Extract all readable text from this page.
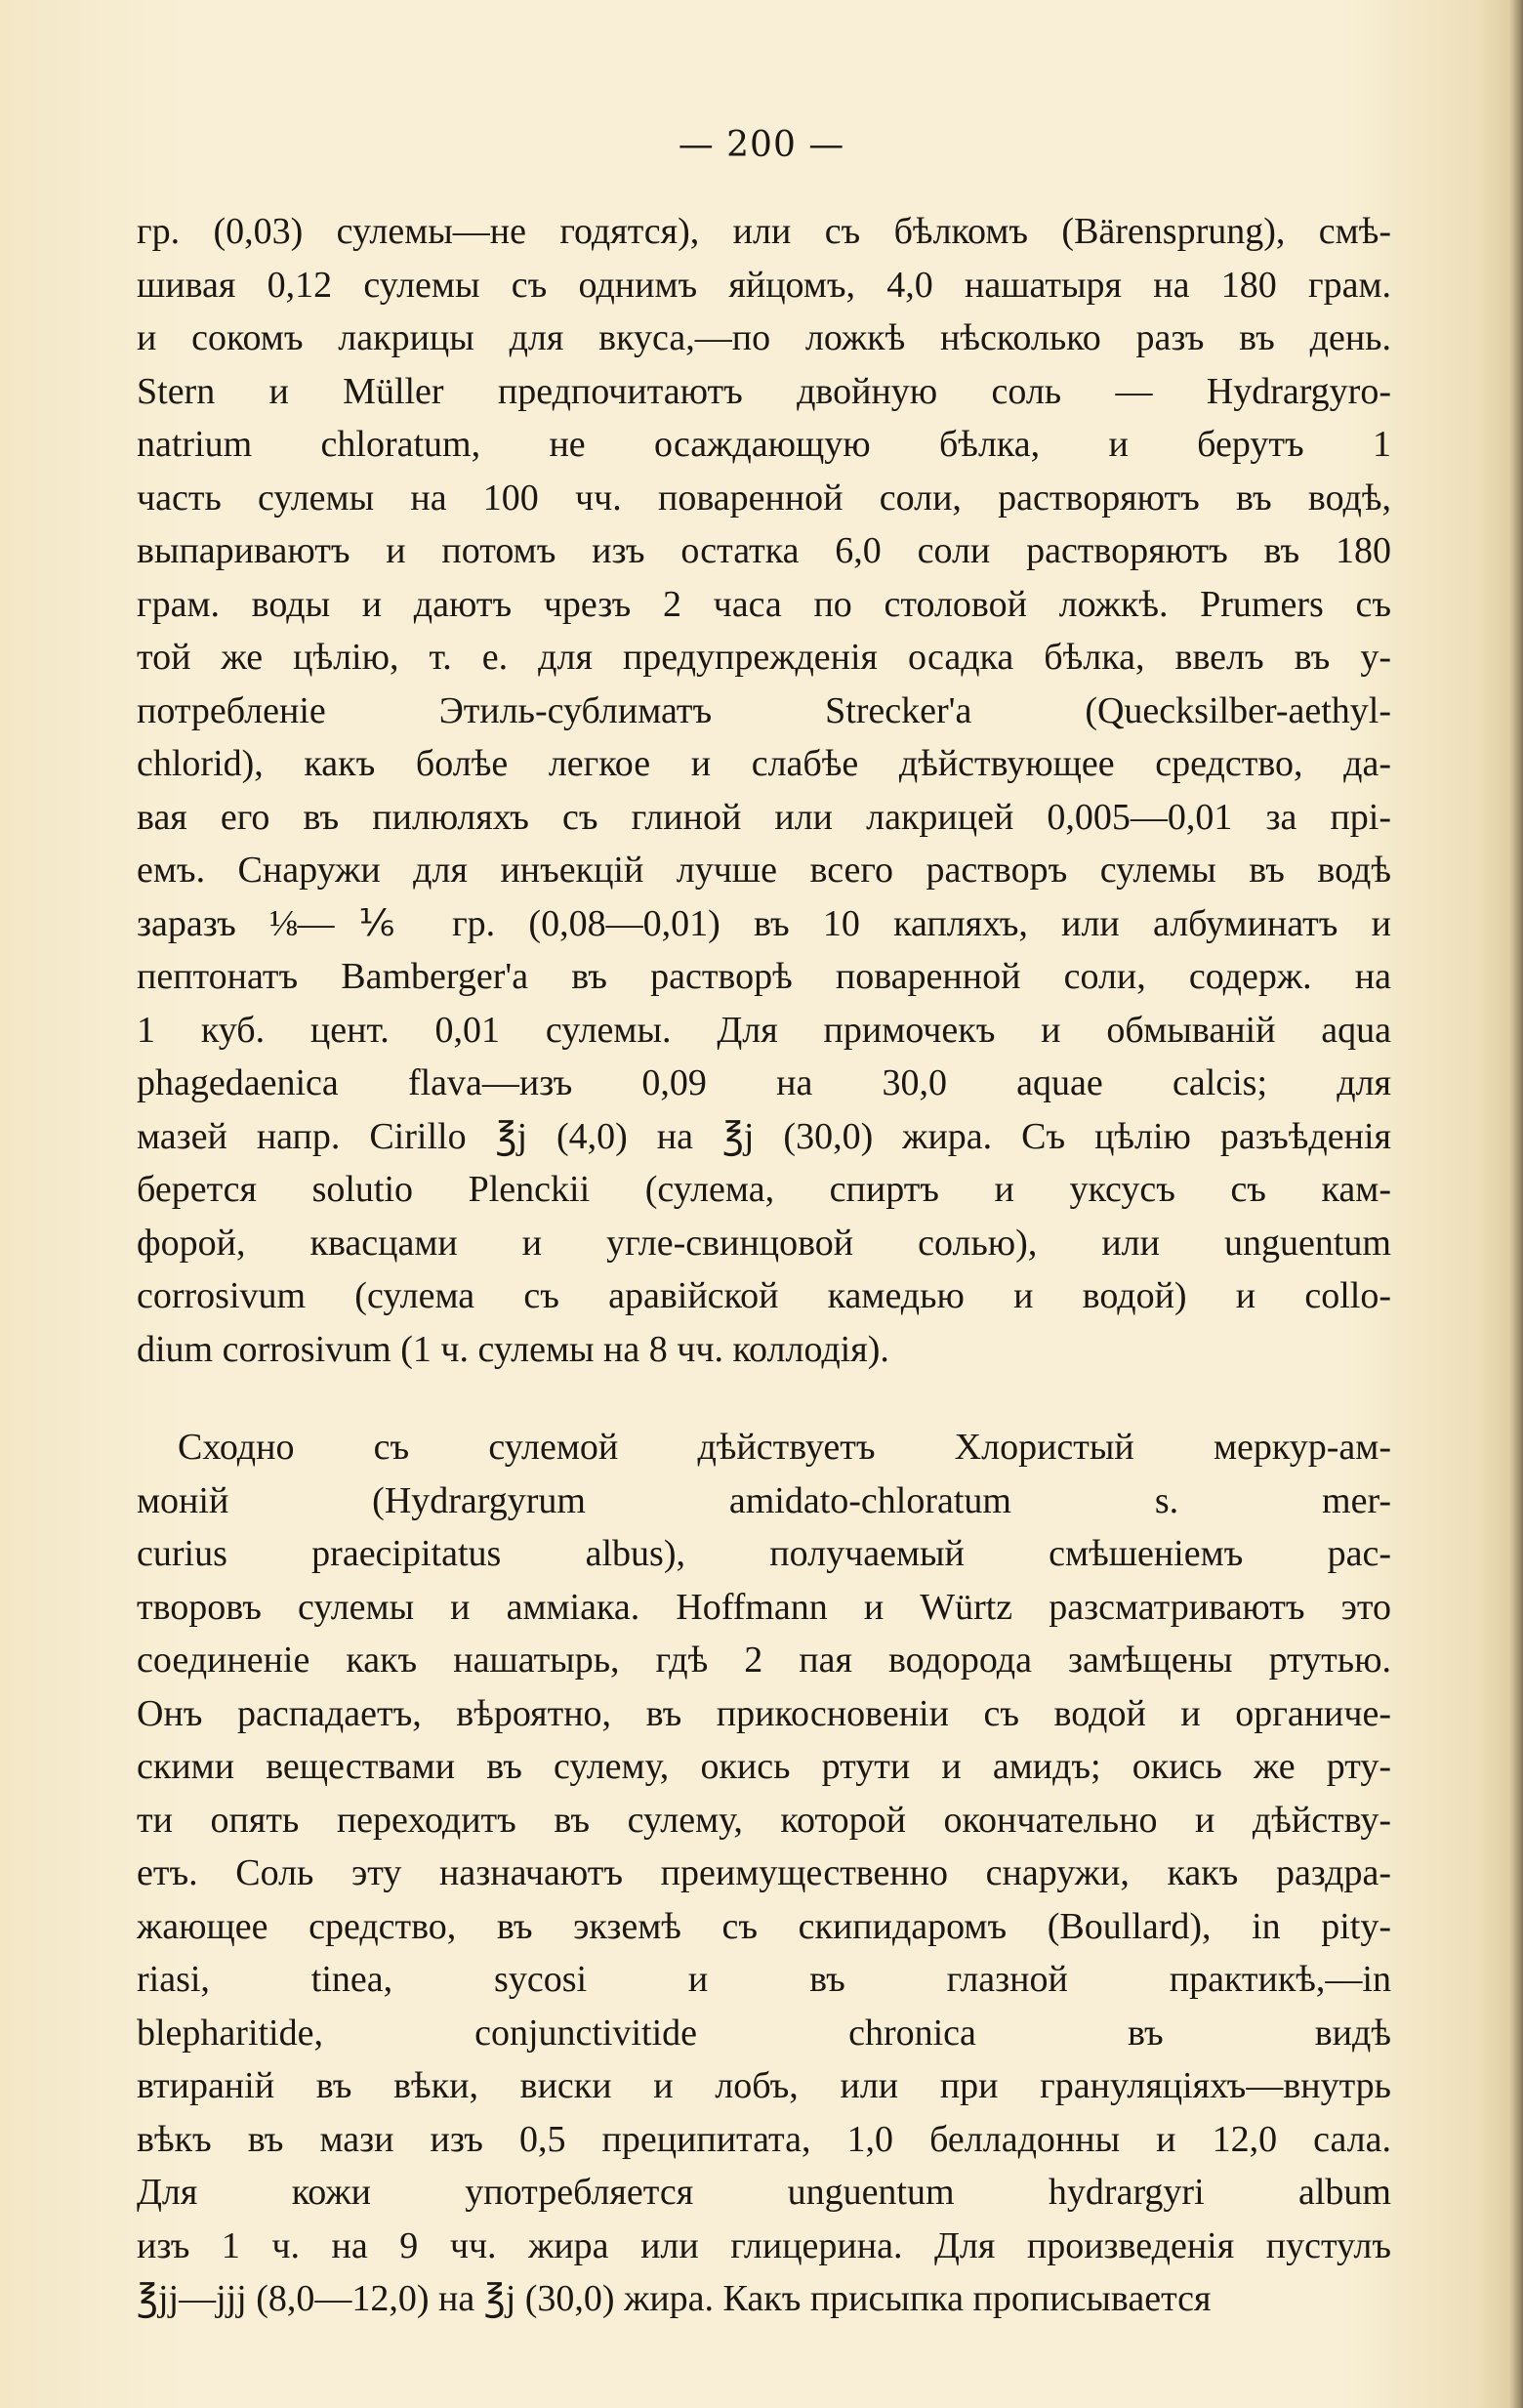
— 200 —
гр. (0,03) сулемы—не годятся), или съ бѣлкомъ (Bärensprung), смѣ-
шивая 0,12 сулемы съ однимъ яйцомъ, 4,0 нашатыря на 180 грам.
и сокомъ лакрицы для вкуса,—по ложкѣ нѣсколько разъ въ день.
Stern и Müller предпочитаютъ двойную соль — Hydrargyro-
natrium chloratum, не осаждающую бѣлка, и берутъ 1
часть сулемы на 100 чч. поваренной соли, растворяютъ въ водѣ,
выпариваютъ и потомъ изъ остатка 6,0 соли растворяютъ въ 180
грам. воды и даютъ чрезъ 2 часа по столовой ложкѣ. Prumers съ
той же цѣлію, т. е. для предупрежденія осадка бѣлка, ввелъ въ у-
потребленіе Этиль-сублиматъ Strecker'а (Quecksilber-aethyl-
chlorid), какъ болѣе легкое и слабѣе дѣйствующее средство, да-
вая его въ пилюляхъ съ глиной или лакрицей 0,005—0,01 за прі-
емъ. Снаружи для инъекцій лучше всего растворъ сулемы въ водѣ
заразъ ⅛—⅙ гр. (0,08—0,01) въ 10 капляхъ, или албуминатъ и
пептонатъ Bamberger'а въ растворѣ поваренной соли, содерж. на
1 куб. цент. 0,01 сулемы. Для примочекъ и обмываній aqua
phagedaenica flava—изъ 0,09 на 30,0 aquae calcis; для
мазей напр. Cirillo ℥j (4,0) на ℥j (30,0) жира. Съ цѣлію разъѣденія
берется solutio Plenckii (сулема, спиртъ и уксусъ съ кам-
форой, квасцами и угле-свинцовой солью), или unguentum
corrosivum (сулема съ аравійской камедью и водой) и collo-
dium corrosivum (1 ч. сулемы на 8 чч. коллодія).
Сходно съ сулемой дѣйствуетъ Хлористый меркур-ам-
моній (Hydrargyrum amidato-chloratum s. mer-
curius praecipitatus albus), получаемый смѣшеніемъ рас-
творовъ сулемы и амміака. Hoffmann и Würtz разсматриваютъ это
соединеніе какъ нашатырь, гдѣ 2 пая водорода замѣщены ртутью.
Онъ распадаетъ, вѣроятно, въ прикосновеніи съ водой и органиче-
скими веществами въ сулему, окись ртути и амидъ; окись же рту-
ти опять переходитъ въ сулему, которой окончательно и дѣйству-
етъ. Соль эту назначаютъ преимущественно снаружи, какъ раздра-
жающее средство, въ экземѣ съ скипидаромъ (Boullard), in pity-
riasi, tinea, sycosi и въ глазной практикѣ,—in
blepharitide, conjunctivitide chronica въ видѣ
втираній въ вѣки, виски и лобъ, или при грануляціяхъ—внутрь
вѣкъ въ мази изъ 0,5 преципитата, 1,0 белладонны и 12,0 сала.
Для кожи употребляется unguentum hydrargyri album
изъ 1 ч. на 9 чч. жира или глицерина. Для произведенія пустулъ
℥jj—jjj (8,0—12,0) на ℥j (30,0) жира. Какъ присыпка прописывается
